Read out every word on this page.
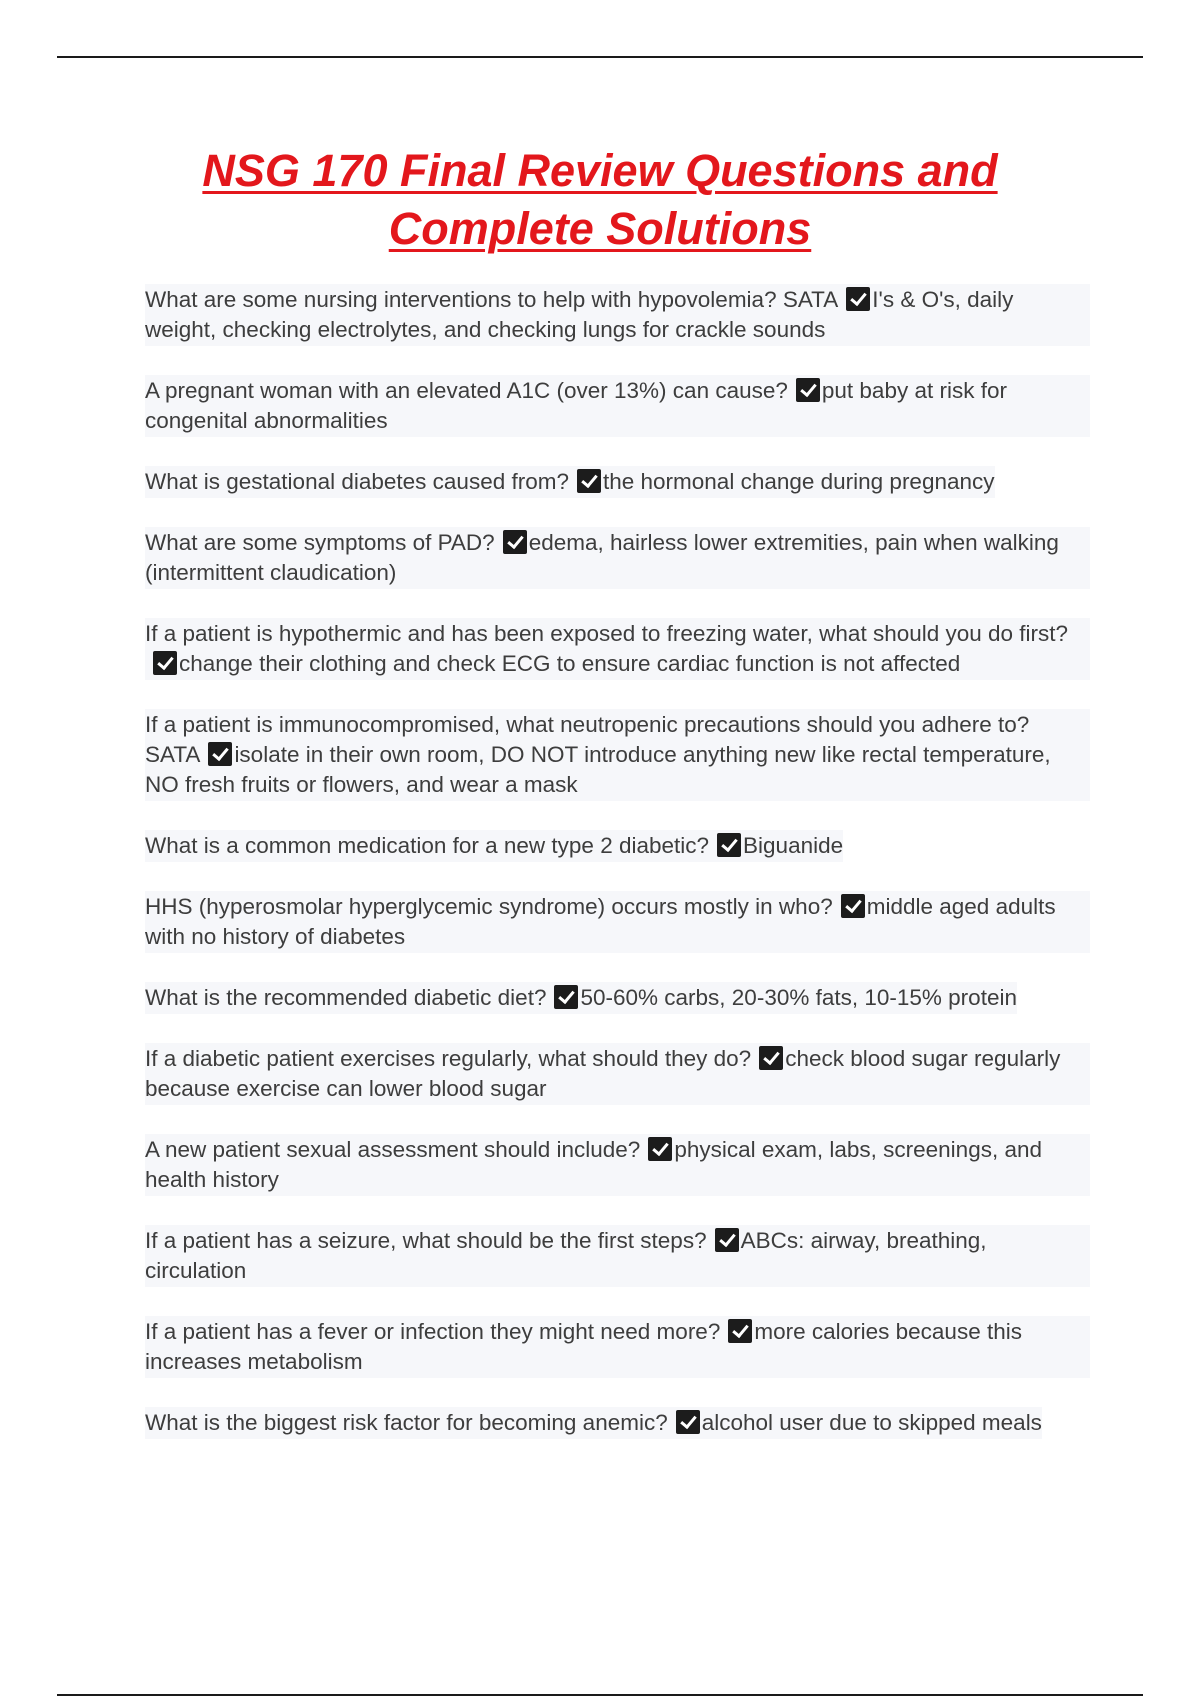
NSG 170 Final Review Questions and
Complete Solutions

What are some nursing interventions to help with hypovolemia? SATA I's & O's, daily weight, checking electrolytes, and checking lungs for crackle sounds

A pregnant woman with an elevated A1C (over 13%) can cause? put baby at risk for congenital abnormalities

What is gestational diabetes caused from? the hormonal change during pregnancy

What are some symptoms of PAD? edema, hairless lower extremities, pain when walking (intermittent claudication)

If a patient is hypothermic and has been exposed to freezing water, what should you do first?change their clothing and check ECG to ensure cardiac function is not affected

If a patient is immunocompromised, what neutropenic precautions should you adhere to? SATA isolate in their own room, DO NOT introduce anything new like rectal temperature, NO fresh fruits or flowers, and wear a mask

What is a common medication for a new type 2 diabetic? Biguanide

HHS (hyperosmolar hyperglycemic syndrome) occurs mostly in who? middle aged adults with no history of diabetes

What is the recommended diabetic diet? 50-60% carbs, 20-30% fats, 10-15% protein

If a diabetic patient exercises regularly, what should they do? check blood sugar regularly because exercise can lower blood sugar

A new patient sexual assessment should include? physical exam, labs, screenings, and health history

If a patient has a seizure, what should be the first steps? ABCs: airway, breathing, circulation

If a patient has a fever or infection they might need more? more calories because this increases metabolism

What is the biggest risk factor for becoming anemic? alcohol user due to skipped meals
